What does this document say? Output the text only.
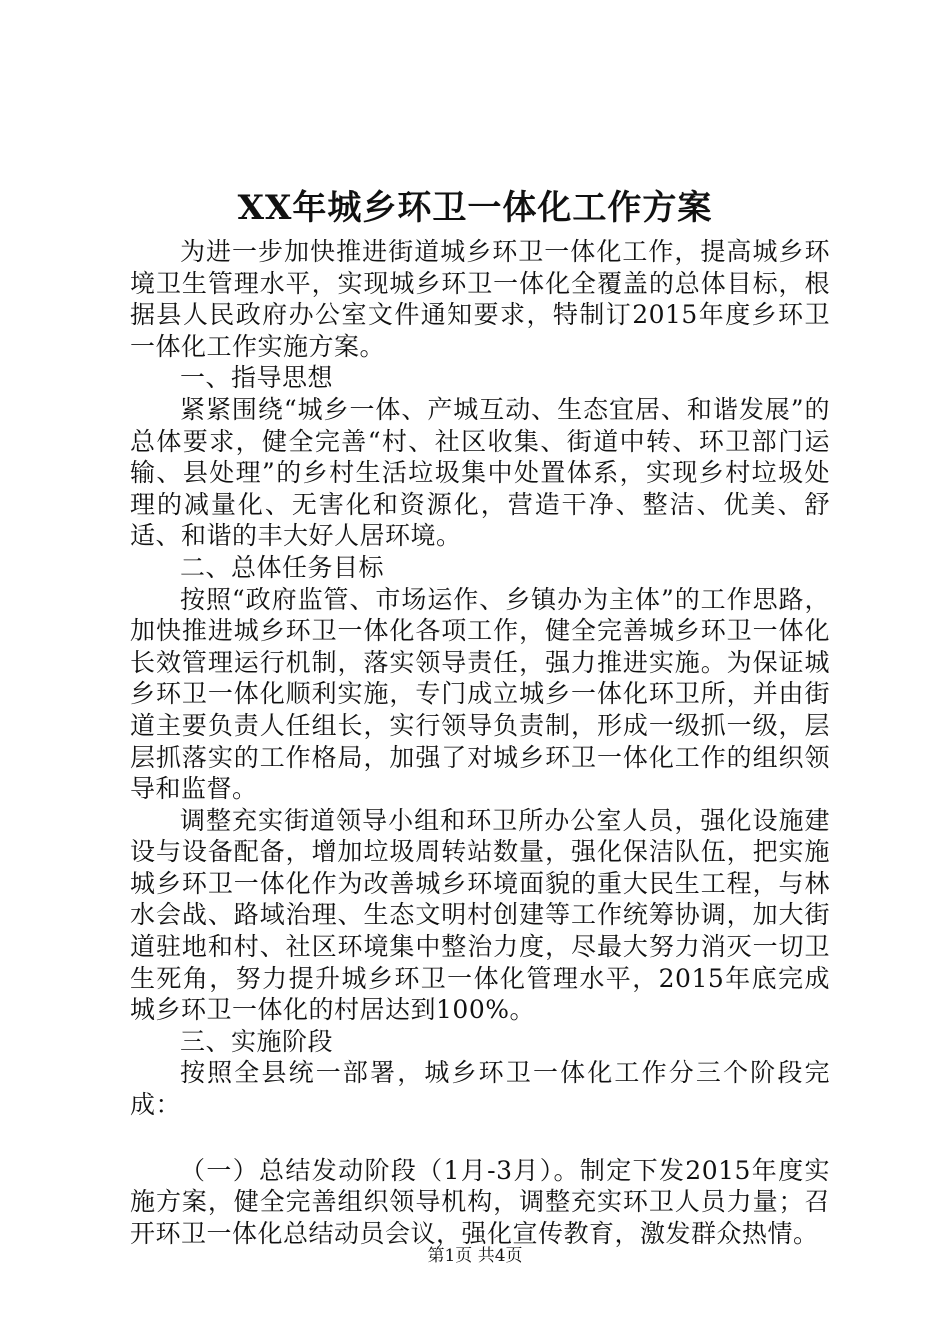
XX年城乡环卫一体化工作方案

为进一步加快推进街道城乡环卫一体化工作，提高城乡环境卫生管理水平，实现城乡环卫一体化全覆盖的总体目标，根据县人民政府办公室文件通知要求，特制订2015年度乡环卫一体化工作实施方案。

一、指导思想

紧紧围绕“城乡一体、产城互动、生态宜居、和谐发展”的总体要求，健全完善“村、社区收集、街道中转、环卫部门运输、县处理”的乡村生活垃圾集中处置体系，实现乡村垃圾处理的减量化、无害化和资源化，营造干净、整洁、优美、舒适、和谐的丰大好人居环境。

二、总体任务目标

按照“政府监管、市场运作、乡镇办为主体”的工作思路，加快推进城乡环卫一体化各项工作，健全完善城乡环卫一体化长效管理运行机制，落实领导责任，强力推进实施。为保证城乡环卫一体化顺利实施，专门成立城乡一体化环卫所，并由街道主要负责人任组长，实行领导负责制，形成一级抓一级，层层抓落实的工作格局，加强了对城乡环卫一体化工作的组织领导和监督。

调整充实街道领导小组和环卫所办公室人员，强化设施建设与设备配备，增加垃圾周转站数量，强化保洁队伍，把实施城乡环卫一体化作为改善城乡环境面貌的重大民生工程，与林水会战、路域治理、生态文明村创建等工作统筹协调，加大街道驻地和村、社区环境集中整治力度，尽最大努力消灭一切卫生死角，努力提升城乡环卫一体化管理水平，2015年底完成城乡环卫一体化的村居达到100%。

三、实施阶段

按照全县统一部署，城乡环卫一体化工作分三个阶段完成：

（一）总结发动阶段（1月-3月）。制定下发2015年度实施方案，健全完善组织领导机构，调整充实环卫人员力量；召开环卫一体化总结动员会议，强化宣传教育，激发群众热情。

第1页 共4页
